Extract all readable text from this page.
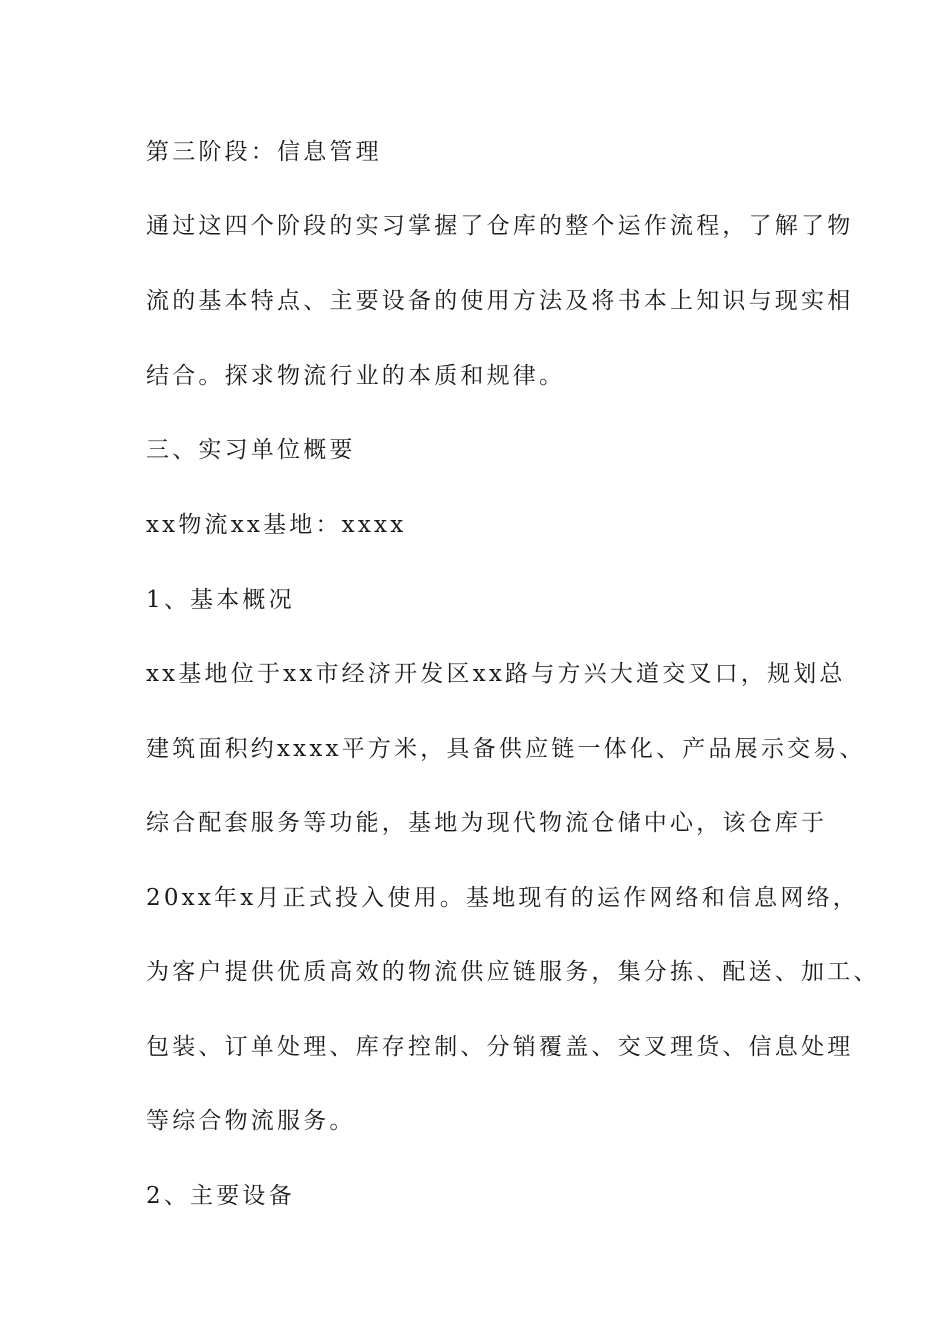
第三阶段：信息管理
通过这四个阶段的实习掌握了仓库的整个运作流程，了解了物
流的基本特点、主要设备的使用方法及将书本上知识与现实相
结合。探求物流行业的本质和规律。
三、实习单位概要
xx物流xx基地：xxxx
1、基本概况
xx基地位于xx市经济开发区xx路与方兴大道交叉口，规划总
建筑面积约xxxx平方米，具备供应链一体化、产品展示交易、
综合配套服务等功能，基地为现代物流仓储中心，该仓库于
20xx年x月正式投入使用。基地现有的运作网络和信息网络，
为客户提供优质高效的物流供应链服务，集分拣、配送、加工、
包装、订单处理、库存控制、分销覆盖、交叉理货、信息处理
等综合物流服务。
2、主要设备
